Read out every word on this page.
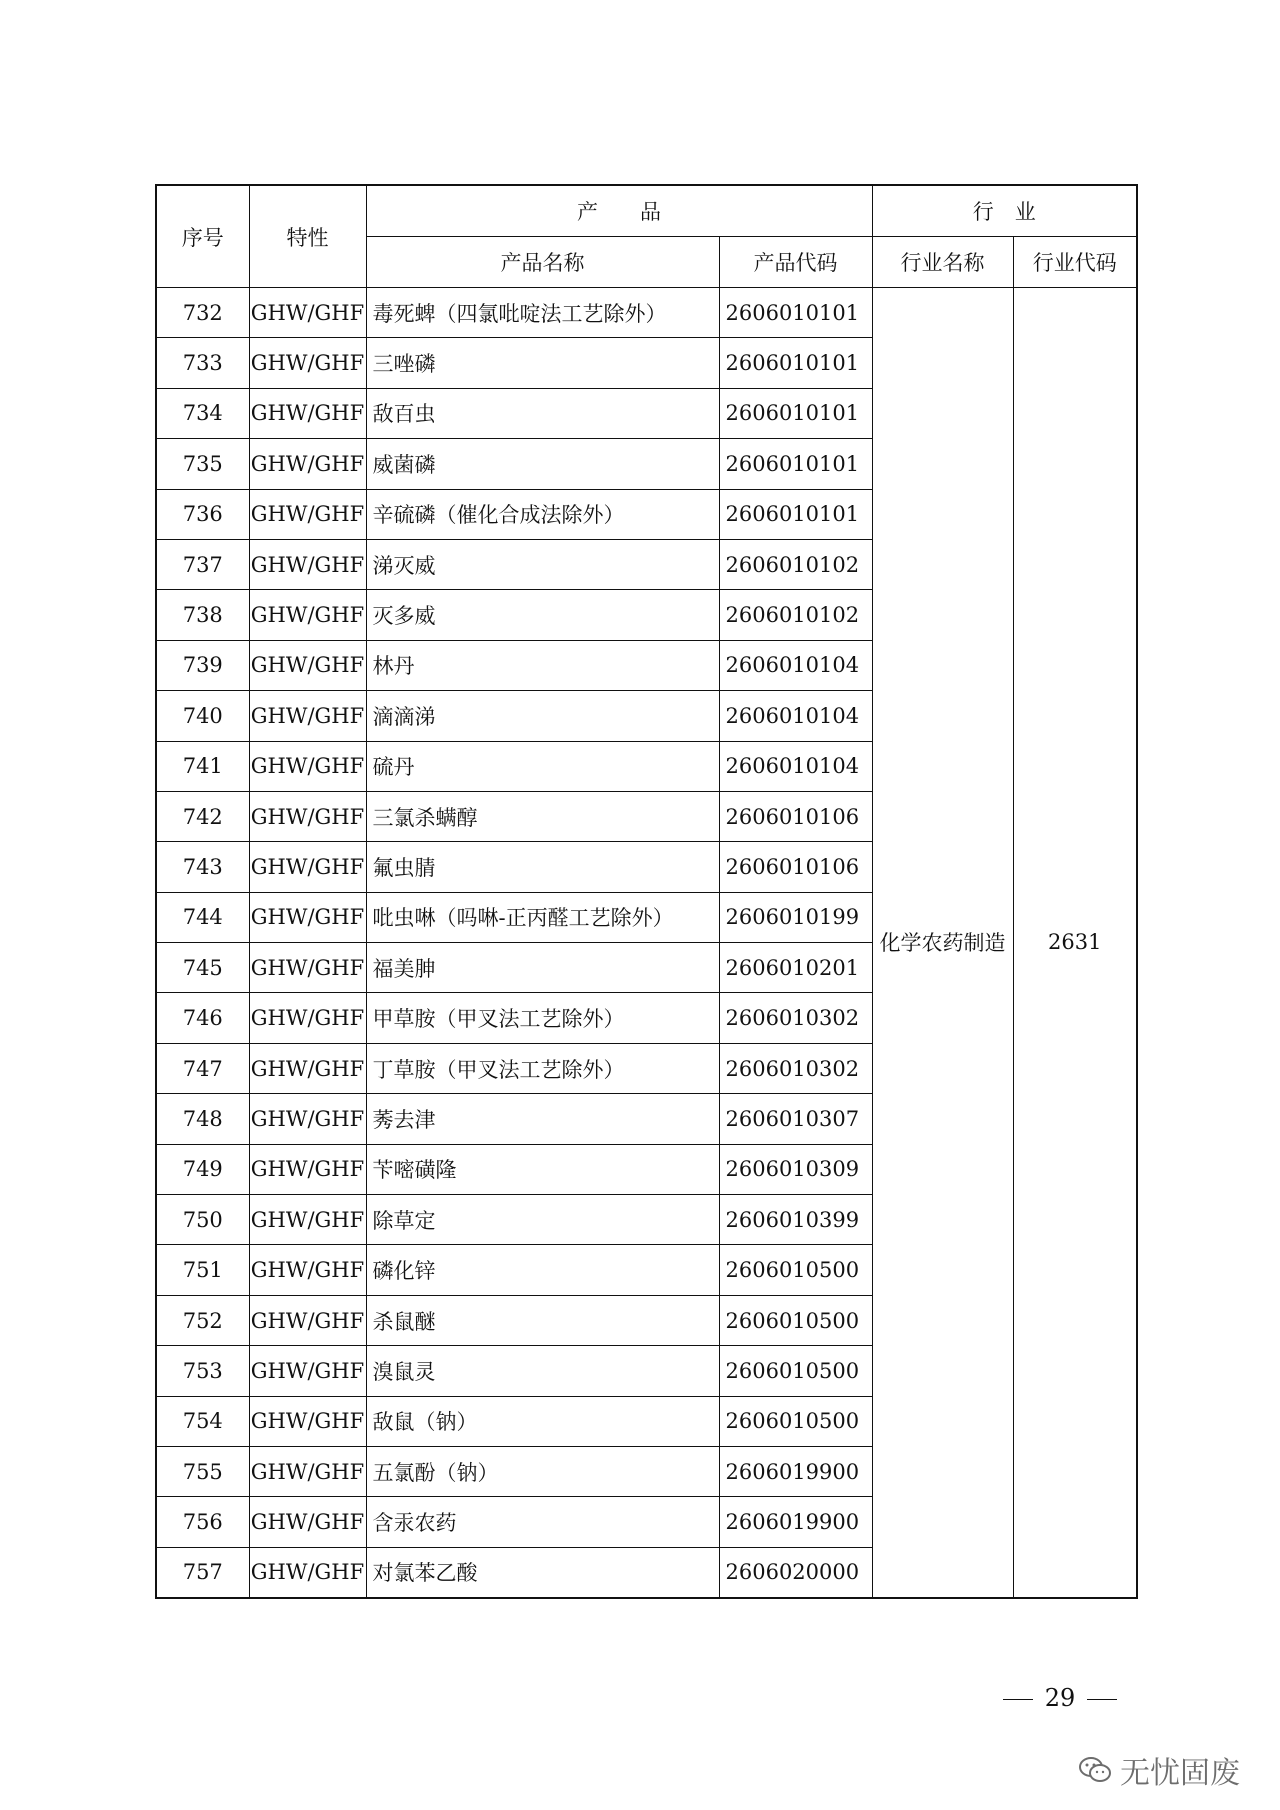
序号	特性	产　　品		行　业	
		产品名称	产品代码	行业名称	行业代码
732	GHW/GHF	毒死蜱（四氯吡啶法工艺除外）	2606010101	化学农药制造	2631
733	GHW/GHF	三唑磷	2606010101		
734	GHW/GHF	敌百虫	2606010101		
735	GHW/GHF	威菌磷	2606010101		
736	GHW/GHF	辛硫磷（催化合成法除外）	2606010101		
737	GHW/GHF	涕灭威	2606010102		
738	GHW/GHF	灭多威	2606010102		
739	GHW/GHF	林丹	2606010104		
740	GHW/GHF	滴滴涕	2606010104		
741	GHW/GHF	硫丹	2606010104		
742	GHW/GHF	三氯杀螨醇	2606010106		
743	GHW/GHF	氟虫腈	2606010106		
744	GHW/GHF	吡虫啉（吗啉-正丙醛工艺除外）	2606010199		
745	GHW/GHF	福美胂	2606010201		
746	GHW/GHF	甲草胺（甲叉法工艺除外）	2606010302		
747	GHW/GHF	丁草胺（甲叉法工艺除外）	2606010302		
748	GHW/GHF	莠去津	2606010307		
749	GHW/GHF	苄嘧磺隆	2606010309		
750	GHW/GHF	除草定	2606010399		
751	GHW/GHF	磷化锌	2606010500		
752	GHW/GHF	杀鼠醚	2606010500		
753	GHW/GHF	溴鼠灵	2606010500		
754	GHW/GHF	敌鼠（钠）	2606010500		
755	GHW/GHF	五氯酚（钠）	2606019900		
756	GHW/GHF	含汞农药	2606019900		
757	GHW/GHF	对氯苯乙酸	2606020000		
29
无忧固废
